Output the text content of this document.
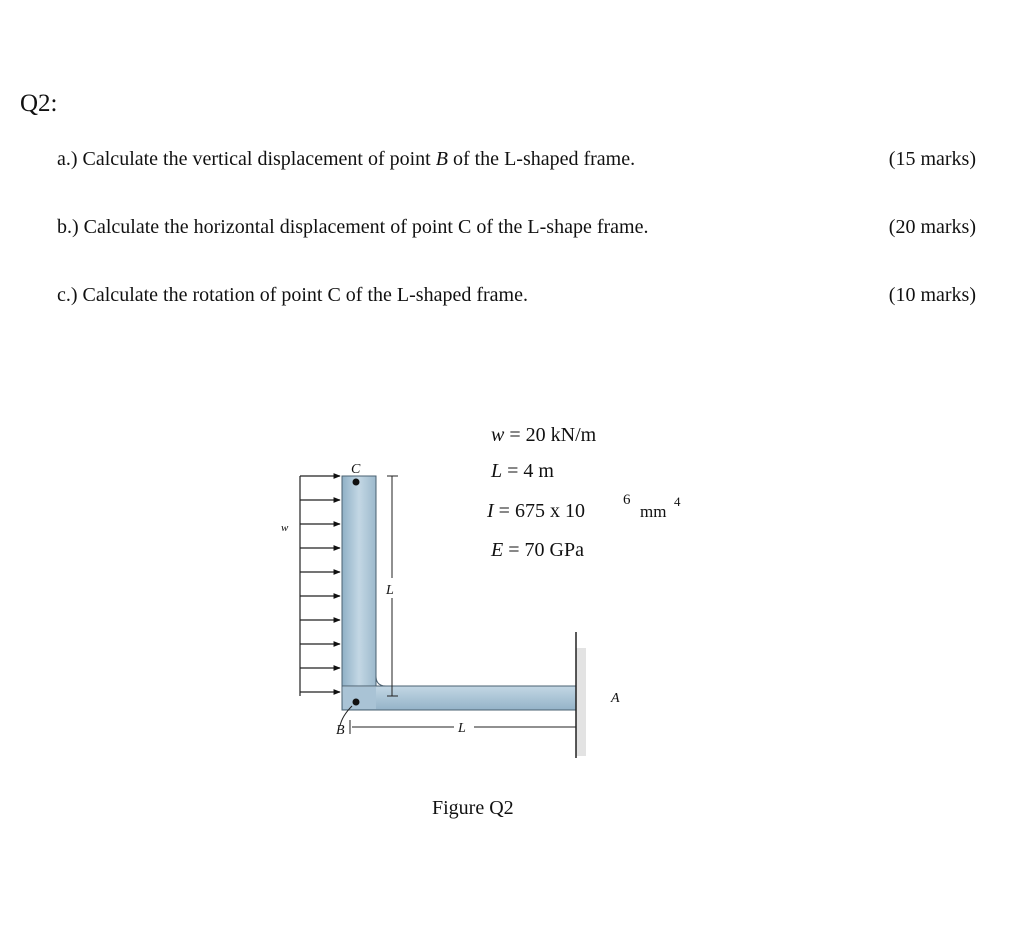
Q2:
a.) Calculate the vertical displacement of point B of the L-shaped frame.	(15 marks)
b.) Calculate the horizontal displacement of point C of the L-shape frame.	(20 marks)
c.) Calculate the rotation of point C of the L-shaped frame.	(10 marks)
w = 20 kN/m
L = 4 m
I = 675 x 10	6
mm
4
E = 70 GPa
w
C
B
A
L
L
Figure Q2
